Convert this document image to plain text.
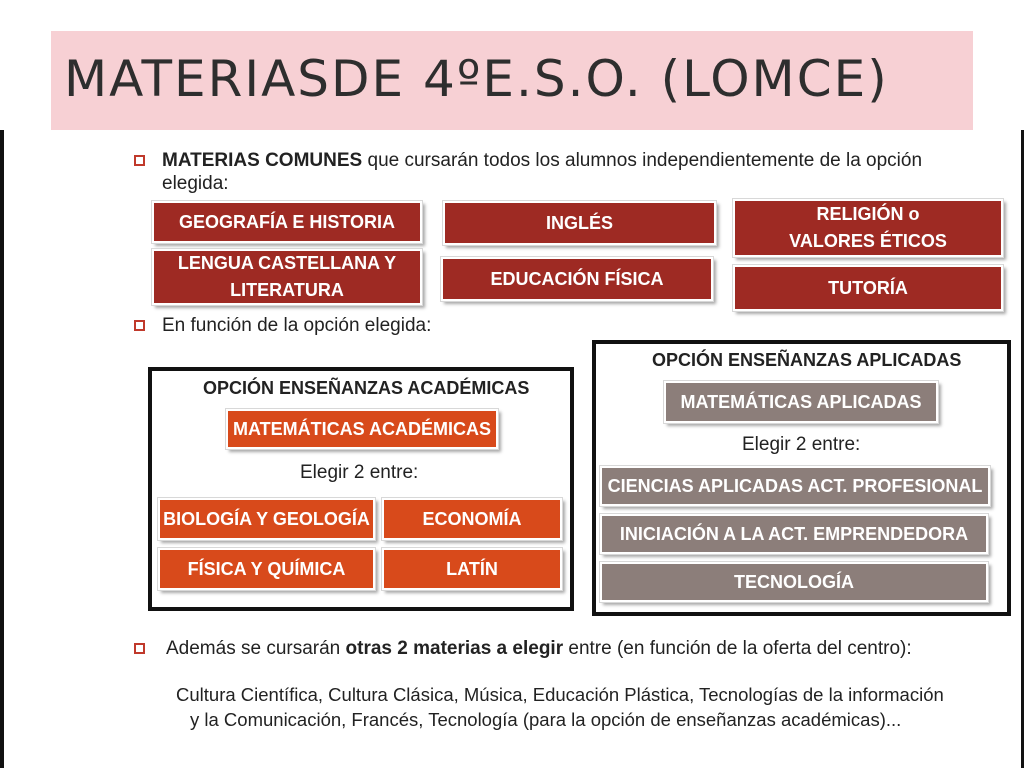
MATERIASDE 4ºE.S.O. (LOMCE)
MATERIAS COMUNES que cursarán todos los alumnos independientemente de la opción
elegida:
GEOGRAFÍA E HISTORIA
LENGUA CASTELLANA Y LITERATURA
INGLÉS
EDUCACIÓN FÍSICA
RELIGIÓN o VALORES ÉTICOS
TUTORÍA
En función de la opción elegida:
OPCIÓN ENSEÑANZAS ACADÉMICAS
MATEMÁTICAS ACADÉMICAS
Elegir 2 entre:
BIOLOGÍA Y GEOLOGÍA	ECONOMÍA
FÍSICA Y QUÍMICA	LATÍN
OPCIÓN ENSEÑANZAS APLICADAS
MATEMÁTICAS APLICADAS
Elegir 2 entre:
CIENCIAS APLICADAS ACT. PROFESIONAL
INICIACIÓN A LA ACT. EMPRENDEDORA
TECNOLOGÍA
Además se cursarán otras 2 materias a elegir entre (en función de la oferta del centro):
Cultura Científica, Cultura Clásica, Música, Educación Plástica, Tecnologías de la información
y la Comunicación, Francés, Tecnología (para la opción de enseñanzas académicas)...
